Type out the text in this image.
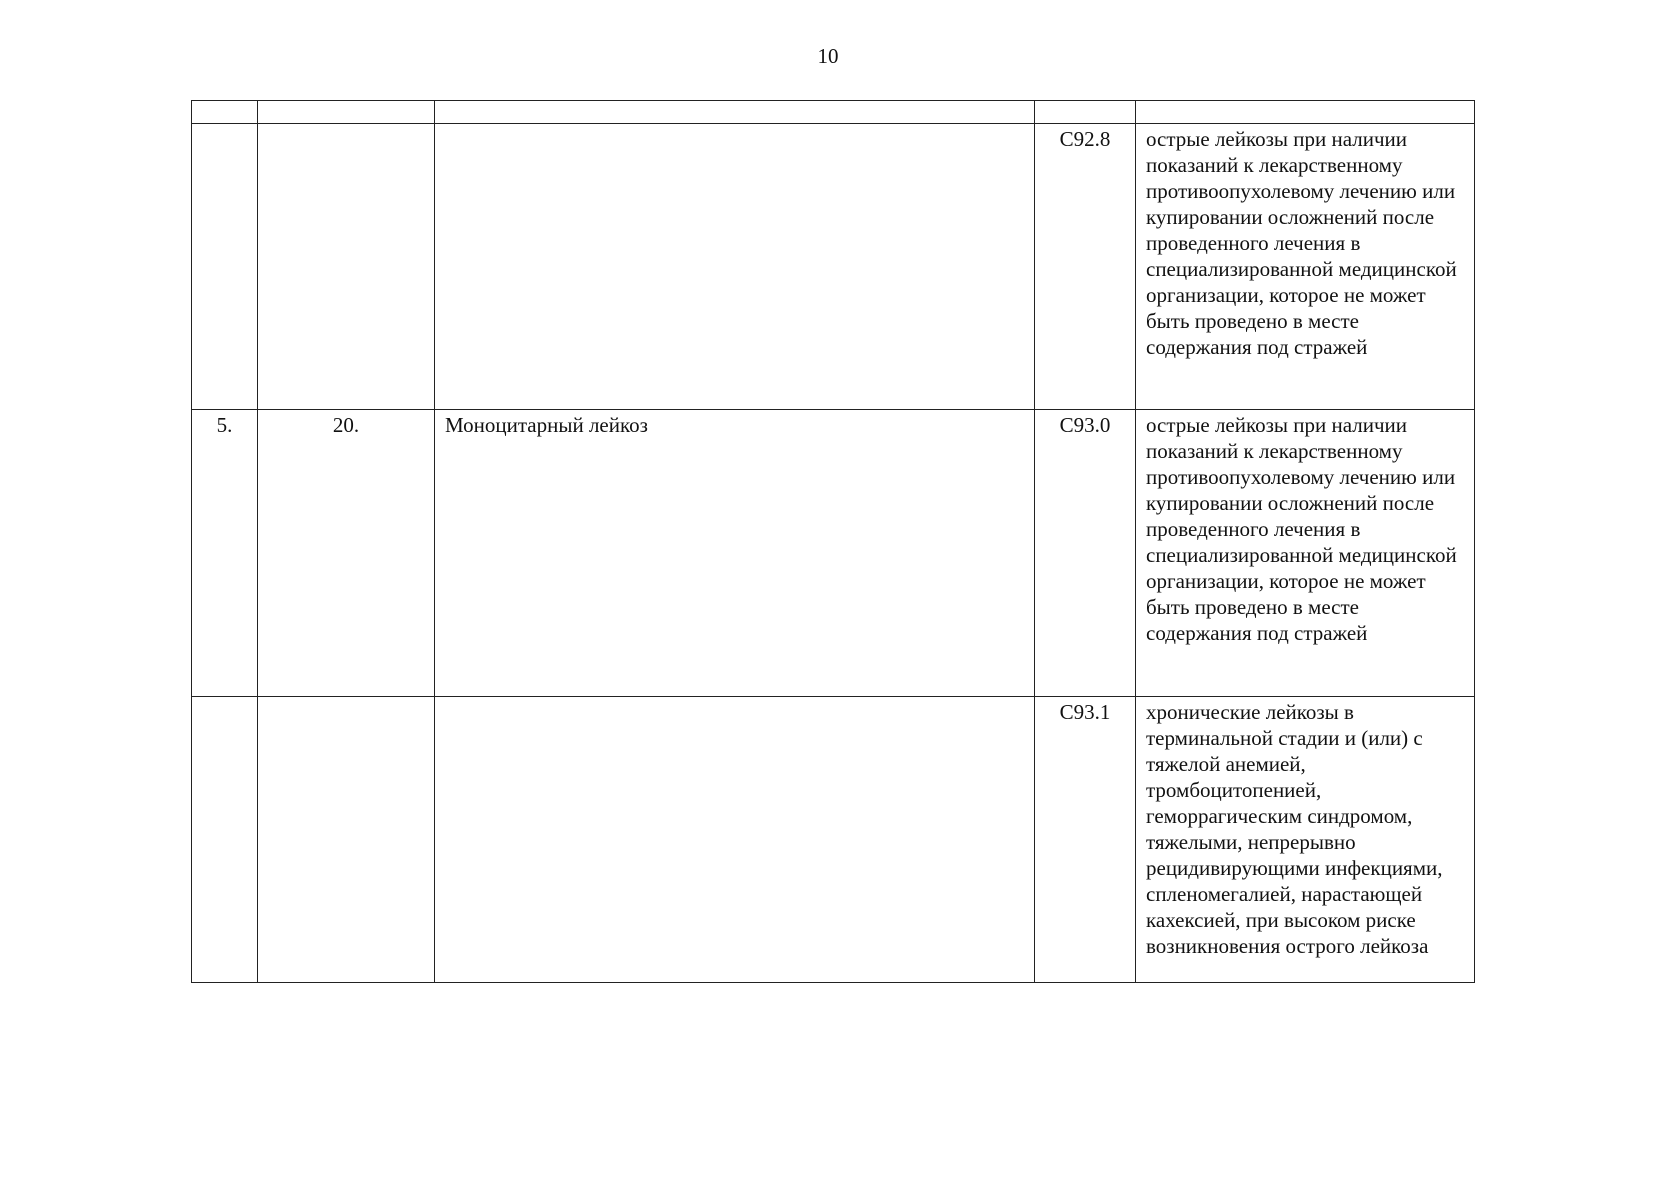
10

			С92.8	острые лейкозы при наличии показаний к лекарственному противоопухолевому лечению или купировании осложнений после проведенного лечения в специализированной медицинской организации, которое не может быть проведено в месте содержания под стражей
5.	20.	Моноцитарный лейкоз	С93.0	острые лейкозы при наличии показаний к лекарственному противоопухолевому лечению или купировании осложнений после проведенного лечения в специализированной медицинской организации, которое не может быть проведено в месте содержания под стражей
			С93.1	хронические лейкозы в терминальной стадии и (или) с тяжелой анемией, тромбоцитопенией, геморрагическим синдромом, тяжелыми, непрерывно рецидивирующими инфекциями, спленомегалией, нарастающей кахексией, при высоком риске возникновения острого лейкоза
